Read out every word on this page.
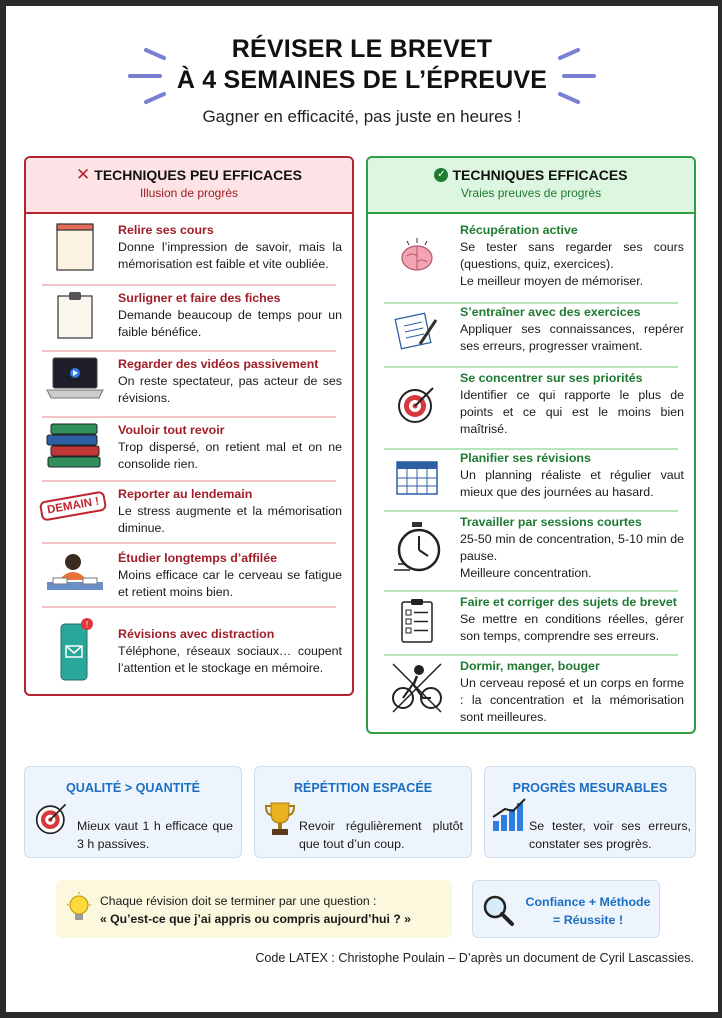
RÉVISER LE BREVET
À 4 SEMAINES DE L’ÉPREUVE
Gagner en efficacité, pas juste en heures !
✕ TECHNIQUES PEU EFFICACES
Illusion de progrès
Relire ses cours
Donne l’impression de savoir, mais la mémorisation est faible et vite oubliée.
Surligner et faire des fiches
Demande beaucoup de temps pour un faible bénéfice.
Regarder des vidéos passivement
On reste spectateur, pas acteur de ses révisions.
Vouloir tout revoir
Trop dispersé, on retient mal et on ne consolide rien.
DEMAIN !
Reporter au lendemain
Le stress augmente et la mémorisation diminue.
Étudier longtemps d’affilée
Moins efficace car le cerveau se fatigue et retient moins bien.
!
Révisions avec distraction
Téléphone, réseaux sociaux… coupent l’attention et le stockage en mémoire.
✓ TECHNIQUES EFFICACES
Vraies preuves de progrès
Récupération active
Se tester sans regarder ses cours (questions, quiz, exercices).
Le meilleur moyen de mémoriser.
S’entraîner avec des exercices
Appliquer ses connaissances, repérer ses erreurs, progresser vraiment.
Se concentrer sur ses priorités
Identifier ce qui rapporte le plus de points et ce qui est le moins bien maîtrisé.
Planifier ses révisions
Un planning réaliste et régulier vaut mieux que des journées au hasard.
Travailler par sessions courtes
25-50 min de concentration, 5-10 min de pause.
Meilleure concentration.
Faire et corriger des sujets de brevet
Se mettre en conditions réelles, gérer son temps, comprendre ses erreurs.
Dormir, manger, bouger
Un cerveau reposé et un corps en forme : la concentration et la mémorisation sont meilleures.
QUALITÉ > QUANTITÉ
Mieux vaut 1 h efficace que 3 h passives.
RÉPÉTITION ESPACÉE
Revoir régulièrement plutôt que tout d’un coup.
PROGRÈS MESURABLES
Se tester, voir ses erreurs, constater ses progrès.
Chaque révision doit se terminer par une question :
« Qu’est-ce que j’ai appris ou compris aujourd’hui ? »
Confiance + Méthode
= Réussite !
Code LATEX : Christophe Poulain – D’après un document de Cyril Lascassies.
